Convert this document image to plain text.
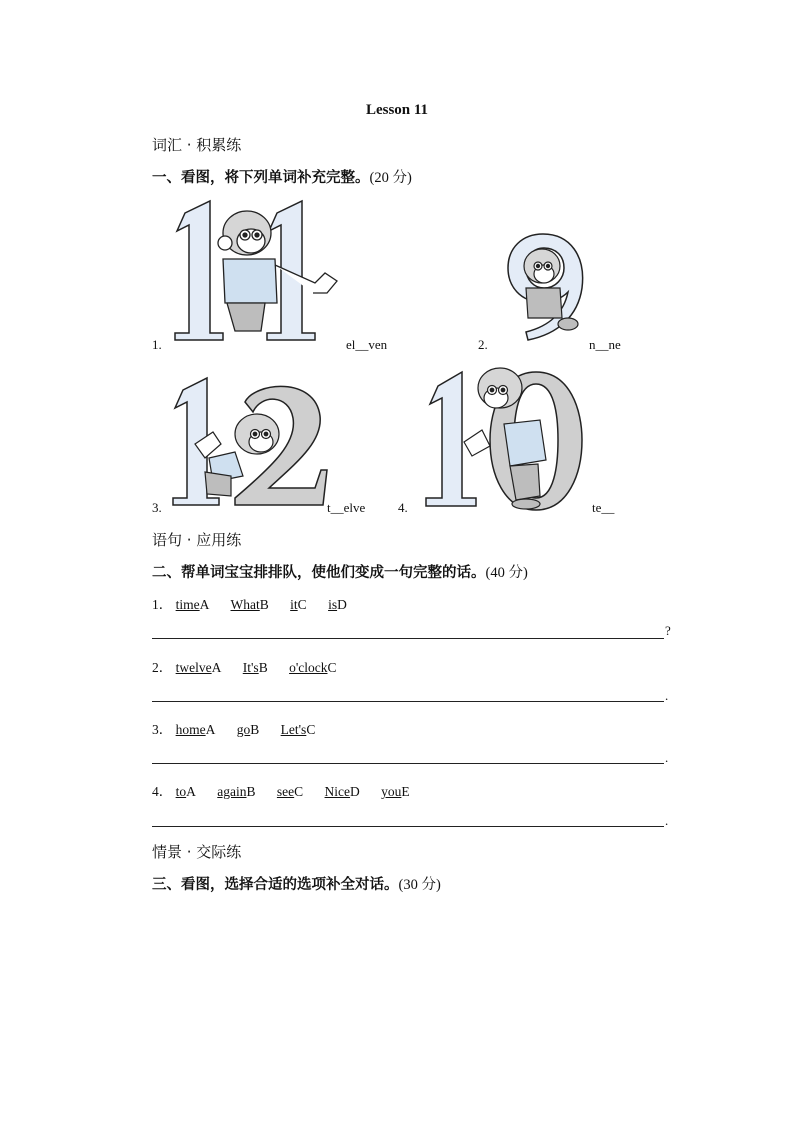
Lesson 11
词汇 · 积累练
一、看图，将下列单词补充完整。(20 分)
1.	el__ven	2.	n__ne
3.	t__elve	4.	te__
语句 · 应用练
二、帮单词宝宝排排队，使他们变成一句完整的话。(40 分)
1． timeA WhatB itC isD
?
2． twelveA It'sB o'clockC
.
3． homeA goB Let'sC
.
4． toA againB seeC NiceD youE
.
情景 · 交际练
三、看图，选择合适的选项补全对话。(30 分)
